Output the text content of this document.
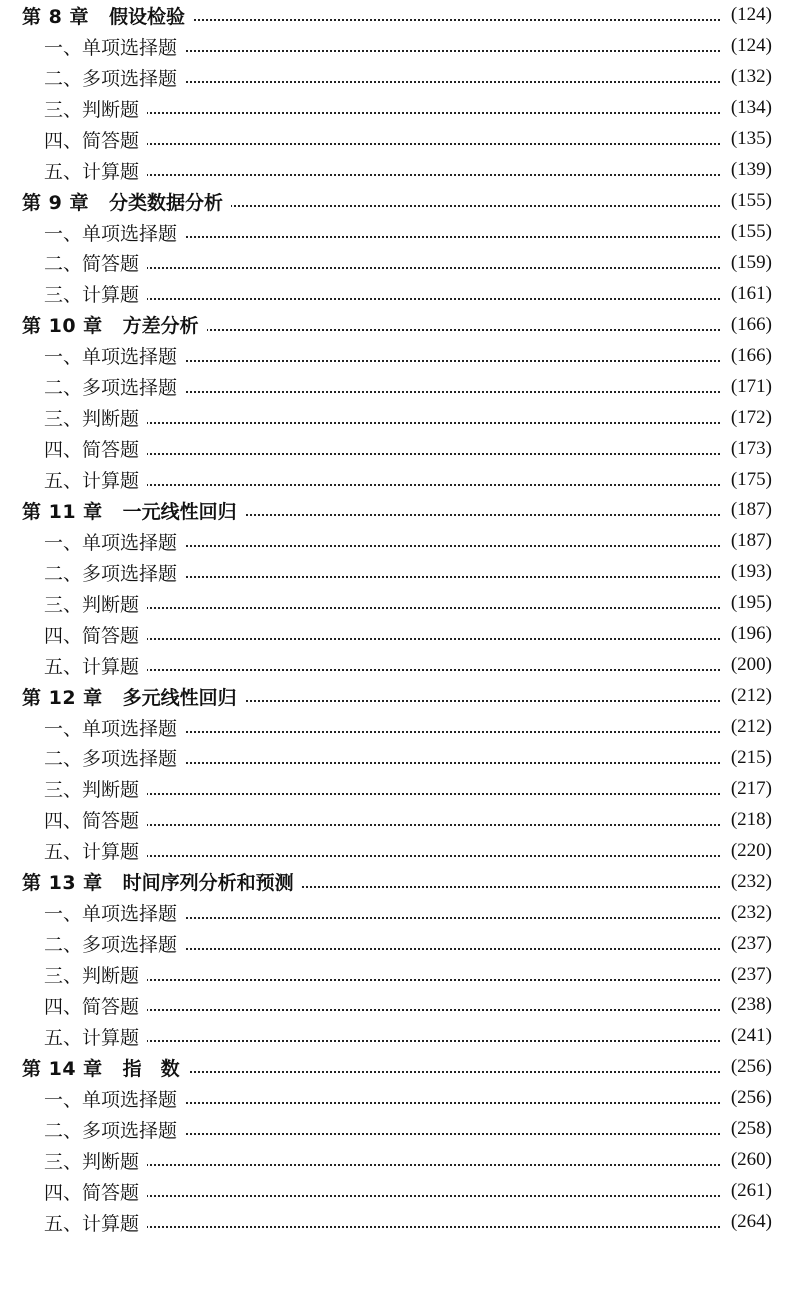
第 8 章 假设检验	(124)
一、单项选择题	(124)
二、多项选择题	(132)
三、判断题	(134)
四、简答题	(135)
五、计算题	(139)
第 9 章 分类数据分析	(155)
一、单项选择题	(155)
二、简答题	(159)
三、计算题	(161)
第 10 章 方差分析	(166)
一、单项选择题	(166)
二、多项选择题	(171)
三、判断题	(172)
四、简答题	(173)
五、计算题	(175)
第 11 章 一元线性回归	(187)
一、单项选择题	(187)
二、多项选择题	(193)
三、判断题	(195)
四、简答题	(196)
五、计算题	(200)
第 12 章 多元线性回归	(212)
一、单项选择题	(212)
二、多项选择题	(215)
三、判断题	(217)
四、简答题	(218)
五、计算题	(220)
第 13 章 时间序列分析和预测	(232)
一、单项选择题	(232)
二、多项选择题	(237)
三、判断题	(237)
四、简答题	(238)
五、计算题	(241)
第 14 章 指　数	(256)
一、单项选择题	(256)
二、多项选择题	(258)
三、判断题	(260)
四、简答题	(261)
五、计算题	(264)
